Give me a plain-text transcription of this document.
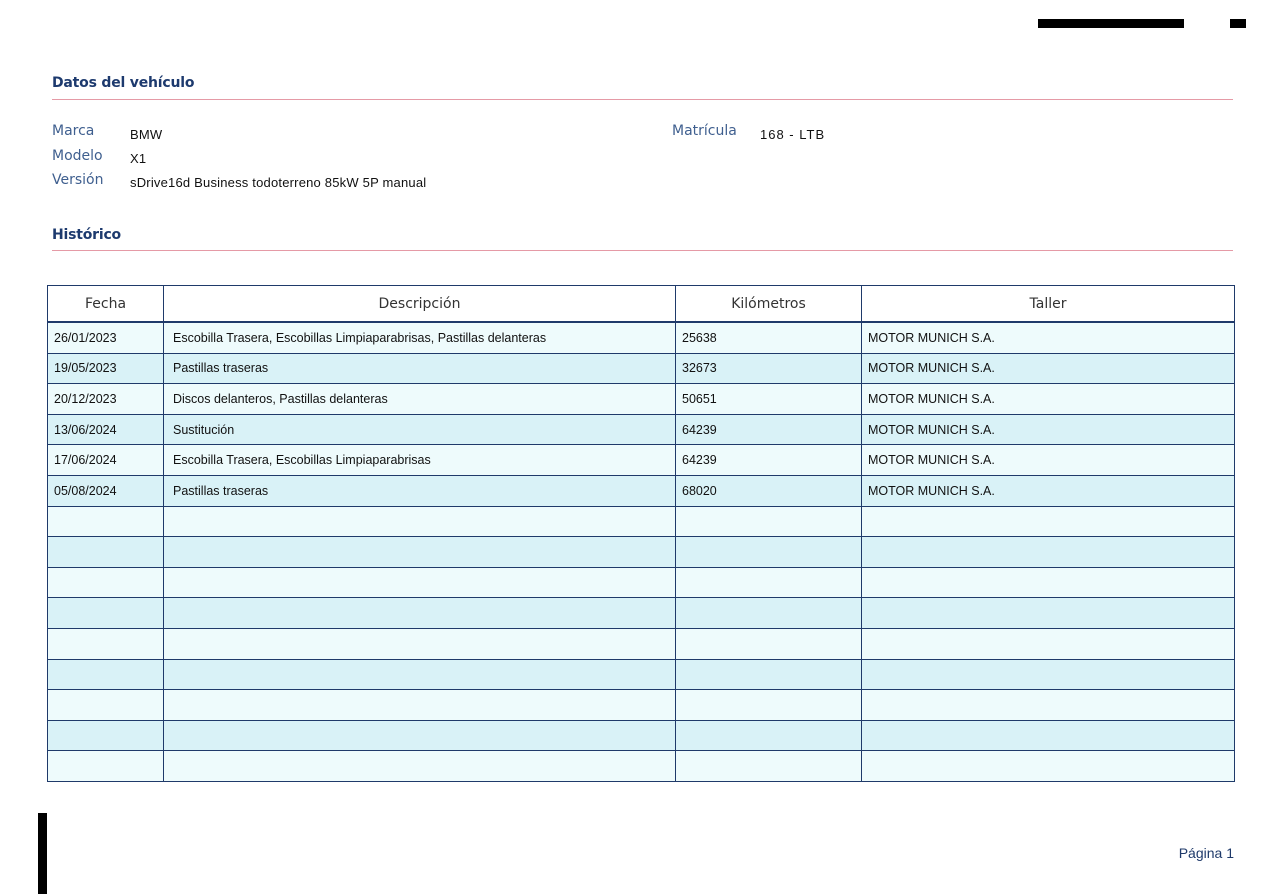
Datos del vehículo
Marca	BMW
Modelo X1
Versión sDrive16d Business todoterreno 85kW 5P manual
Matrícula 168 - LTB
Histórico
Fecha	Descripción	Kilómetros	Taller
26/01/2023	Escobilla Trasera, Escobillas Limpiaparabrisas, Pastillas delanteras	25638	MOTOR MUNICH S.A.
19/05/2023	Pastillas traseras	32673	MOTOR MUNICH S.A.
20/12/2023	Discos delanteros, Pastillas delanteras	50651	MOTOR MUNICH S.A.
13/06/2024	Sustitución	64239	MOTOR MUNICH S.A.
17/06/2024	Escobilla Trasera, Escobillas Limpiaparabrisas	64239	MOTOR MUNICH S.A.
05/08/2024	Pastillas traseras	68020	MOTOR MUNICH S.A.

Página 1
